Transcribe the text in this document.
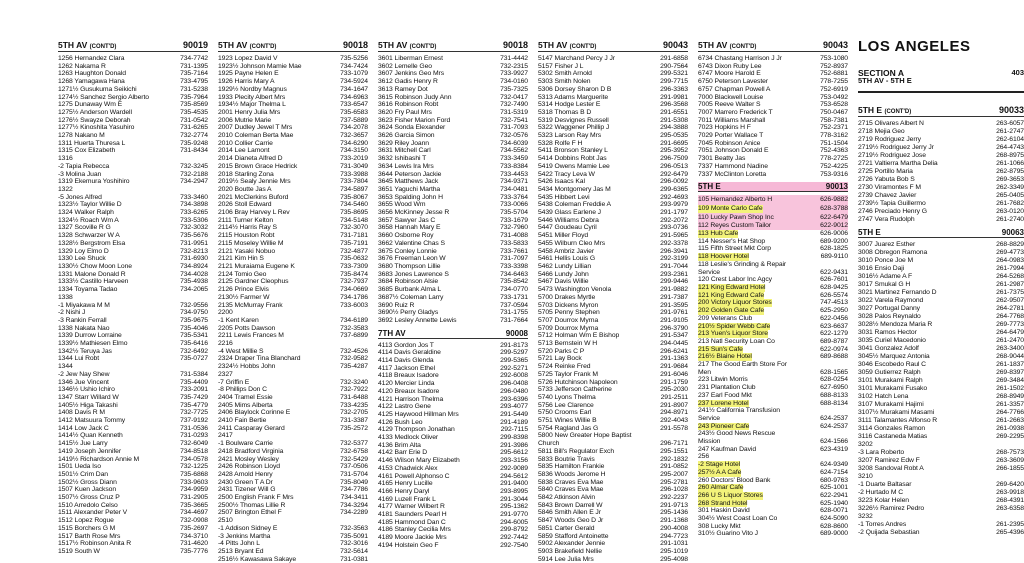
5TH AV (CONT'D)	90019
1256 Hernandez Clara	734-7742
1262 Nakama R	731-1395
1263 Haughton Donald	735-7164
1268 Yamagawa Hana	733-4795
1271½ Gusukuma Seikichi	731-5238
1274½ Sanchez Sergio Alberto	735-7964
1275 Dunaway Wm E	735-8569
1275½ Anderson Wardell	735-4535
1276½ Swayze Deborah	731-0542
1277½ Kinoshita Yasuhiro	731-6265
1278 Nakano M	732-2774
1311 Huerta Thuresa L	735-9248
1315 Cox Elizabeth	731-8434
1316
-2 Tapia Rebecca	732-3245
-3 Molina Juan	732-2188
1319 Ekemura Yoshihiro	734-2947
1322
-5 Jones Alfred	733-3460
1323½ Taylor Willie D	734-3898
1324 Walker Ralph	733-6265
1324½ Roach Wm A	733-5306
1327 Scoville R G	732-3032
1328 Schwarzer W A	735-5676
1328½ Bergstrom Elsa	731-9951
1329 Loy Elmo D	732-8213
1330 Lee Shuck	731-6930
1330½ Chow Moon Lone	734-8924
1331 Malone Donald R	734-4028
1333½ Castillo Harveen	735-4938
1334 Toyama Tadao	734-2065
1338
-1 Miyakawa M M	732-9556
-2 Nishi J	734-9750
-3 Rankin Ferrall	735-9675
1338 Nakata Nao	735-4046
1339 Durrow Lorraine	735-5341
1339½ Mathiesen Elmo	735-6416
1342½ Teruya Jas	732-6492
1344 Lui Robt	735-0727
1344
-2 Jew Nay Shew	731-5384
1346 Jue Vincent	735-4409
1346½ Ushio Ichiro	733-2091
1347 Starr Willard W	735-7429
1405½ Higa Takashi	735-4779
1408 Davis R M	732-7725
1412 Matsuura Tommy	737-9192
1414 Low Jack C	731-0536
1414½ Quan Kenneth	731-0293
1415½ Jue Larry	732-6049
1419 Joseph Jennifer	734-8518
1419½ Richardson Annie M	734-0578
1501 Ueda Iso	732-1225
1501½ Crim Dan	735-6868
1502½ Gross Diann	733-9603
1507 Kuen Jackson	734-9959
1507½ Gross Cruz P	731-2905
1510 Arredolo Celso	735-3665
1511 Alexander Peter V	734-4697
1512 Lopez Rogue	732-0908
1515 Borchers G M	735-2697
1517 Barth Rose Mrs	734-3710
1517½ Robinson Anita R	731-4620
1519 South W	735-7776
5TH AV (CONT'D)	90018
1923 Lopez David V	735-5256
1923½ Johnson Mamie Mae	734-7424
1925 Payne Helen E	733-1079
1926 Harris Mary A	734-5924
1929½ Nordby Magnus	734-1647
1933 Plecity Albert Mrs	734-6963
1934½ Major Thelma L	733-6547
2001 Henry Julia Mrs	735-6583
2006 Mutrie Marie	737-5889
2007 Dudley Jewel T Mrs	734-2078
2010 Coleman Berta Mae	732-3657
2010 Collier Carrie	734-6290
2014 Lee Lamont	734-3150
2014 Dianeta Alfred D	733-2019
2015 Brown Grace Hedrick	731-3049
2018 Starling Zona	733-3988
2019½ Sealy Jennie Mrs	733-7804
2020 Boutte Jas A	734-5897
2021 McClerkins Buford	735-8067
2026 Stoll Edward	734-5460
2106 Bray Harvey L Rev	735-8695
2111 Turner Kelton	734-5148
2114½ Harris Ray S	732-3070
2115 Houston Robt	731-7181
2115 Moseley Willie M	735-7191
2121 Yasaki Nobuo	732-4877
2121 Kim Hin S	735-0632
2121 Muraiama Eugene K	733-7309
2124 Tomio Geo	735-8474
2125 Gardner Cleophus	732-7937
2126 Prince Elvis	734-0669
2130½ Farmer W	734-1786
2135 McMurray Frank	733-6003
2200
-1 Kent Karen	734-6189
2205 Potts Dawson	732-3583
2211 Lewis Frances M	737-6899
2216
-4 West Millie S	732-4526
2324 Draper Tina Blanchard	732-9582
2324½ Hobbs John	735-4287
2327
-7 Griffin E	732-3240
-8 Phillips Don C	732-7922
2404 Tramel Essie	731-6488
2405 Mims Alberta	733-4235
2406 Blaylock Corinne E	732-2705
2410 Fain Bertie	731-3387
2411 Casparay Gerard	735-2572
2417
-1 Boulware Carrie	732-5377
2418 Bradford Virginia	732-6758
2421 Mosley Wesley	732-5429
2426 Robinson Lloyd	737-0506
2428 Arnold Henry	731-5704
2430 Green T A Dr	735-8049
2431 Tizener Will G	734-7786
2500 English Frank F Mrs	734-3411
2500½ Thomas Lillie R	734-3294
2507 Brington Ethel F	734-2289
2510
-1 Addison Sidney E	732-3563
-3 Jenkins Martha	735-5091
-4 Pitts John L	732-3016
2513 Bryant Ed	732-5614
2516½ Kawasawa Sakaye	731-0381
5TH AV (CONT'D)	90018
3601 Liberman Ernest	731-4442
3602 Lemelle Geo	732-2315
3607 Jenkins Geo Mrs	733-9927
3612 Gadis Henry R	734-0160
3613 Ramey Dot	735-7325
3615 Robinson Judy Ann	732-0417
3616 Robinson Robt	732-7490
3620 Fry Paul Mrs	731-5319
3623 Fisher Marion Ford	732-7541
3624 Sonda Elexander	731-7093
3626 Garcia Simon	732-0576
3629 Riley Joann	734-6039
3631 Mitchell Carl	734-5562
3632 Ishibashi T	733-3459
3634 Lewis Ira Mrs	733-8384
3644 Peterson Jackie	733-4453
3645 Matthews Jack	734-9371
3651 Yaguchi Martha	734-0481
3653 Spalding John H	733-3764
3655 Wood Wm	733-0066
3656 McKinney Jesse R	735-5704
3657 Sawyer Jas C	733-1679
3658 Hannah Mary E	732-7960
3660 Osborne Roy	731-4088
3662 Valentine Chas S	733-5833
3675 Conley Lonnie	733-7661
3676 Freeman Leon W	731-7097
3680 Thompson Lillie	733-3398
3683 Jones Lawrence S	734-6463
3684 Robinson Alsie	735-8542
3685 Burbank Alma L	734-0770
3687½ Coleman Larry	733-1731
3690 Ruiz R	737-0594
3690½ Perry Gladys	731-1755
3692 Lesley Annette Lewis	731-7664
7TH AV	90008
4113 Gordon Jos T	291-8173
4114 Davis Geraldine	299-5297
4114 Davis Glenda	299-5365
4117 Jackson Ethel	292-5271
4118 Breaux Isadore	292-6008
4120 Mercier Linda	296-0408
4120 Breaux Isadore	296-0480
4121 Harrison Thelma	293-6396
4122 Lastro Gene	293-4077
4125 Haywood Hillman Mrs	291-5449
4126 Bush Leo	291-4189
4129 Thompson Jonathan	292-7115
4133 Medlock Oliver	299-8398
4136 Brim Alta	291-3986
4142 Barr Erie D	295-6612
4146 Wilson Mary Elizabeth	293-3156
4153 Chadwick Alex	292-9089
4161 Powell Alphonso C	294-5612
4165 Henry Lucille	291-9400
4166 Henry Daryl	293-8995
4169 Luzell Frank L	291-3044
4177 Warner Wilbert R	295-1362
4181 Saunders Pearl H	291-9770
4185 Hammond Dan C	294-6005
4186 Stanley Cecilia Mrs	299-8792
4189 Moore Jackie Mrs	292-7442
4194 Holstein Geo F	292-7540
5TH AV (CONT'D)	90043
5147 Marchand Percy J Jr	291-6858
5157 Fisher J L	290-7564
5302 Smith Arnold	299-5321
5303 Smith Nolen	299-7715
5306 Dorsey Sharon D B	296-3363
5313 Adams Marguerite	291-9981
5314 Hodge Lester E	296-3568
5318 Thomas B D	291-6551
5319 Desvignes Russell	291-5308
5322 Waggener Phillip J	294-3888
5323 Larson Ray Mrs	295-0535
5328 Rolfe F H	291-6695
5411 Bronson Stanley L	295-3952
5414 Dobbins Robt Jas	296-7509
5419 Owens Mamie Lee	296-0513
5422 Tracy Leva W	292-6479
5426 Isaacs Kal	296-0092
5434 Montgomery Jas M	299-6365
5435 Hibbert Levi	292-4693
5438 Coleman Freddie A	293-9979
5439 Glass Earlene J	291-1797
5446 Williams Debra	292-2072
5447 Goudeau Cyril	293-0736
5451 Miller Floyd	291-5965
5455 Wilburn Cleo Mrs	292-3378
5458 Ambriz Javier	296-3941
5461 Hellis Louis G	292-3199
5462 Lundy Lillian	291-7044
5466 Lundy John	293-2361
5467 Davis Willie	299-9446
5473 Washington Venola	291-9882
5700 Drakes Myrtle	291-7387
5703 Dickens Myron	291-3595
5705 Penny Stephen	291-9761
5707 Dourrox Myrna	291-9105
5709 Dourrox Myrna	296-3790
5712 Holman Wm E Bishop	291-5347
5713 Bernstein W H	294-0445
5720 Parks C P	296-6241
5721 Lay Bock	291-1363
5724 Reinke Fred	291-9684
5725 Taylor Frank M	291-6046
5726 Hutchinson Napoleon	291-1759
5733 Jefferson Catherine	295-2030
5740 Lyons Thelma	291-2511
5756 Lee Clarence	291-8907
5750 Crooms Earl	294-8971
5751 Wines Willie B	292-4043
5754 Ragland Jas G	291-5578
5800 New Greater Hope Baptist
Church	296-7171
5811 Bill's Regulator Exch	295-1551
5833 Boutrie Travis	292-1832
5835 Hamilton Frankie	291-0852
5836 Woods Jerome H	295-2007
5838 Craves Eva Mae	295-2781
5840 Craves Eva Mae	296-1028
5842 Atkinson Alvin	292-2237
5843 Brown Darrell W	291-9713
5846 Smith Allen E Jr	295-1436
5847 Woods Geo D Jr	291-1368
5851 Carter Gerald	290-4008
5859 Stafford Antoinette	294-7723
5902 Alexander Jennie	291-1031
5903 Brakefield Nellie	295-1019
5914 Lee Julia Mrs	295-4098
5TH AV (CONT'D)	90043
6734 Chastang Harrison J Jr	753-1080
6743 Dixon Ruby Lee	752-8937
6747 Moore Harold E	752-6881
6750 Peterson Lavester	778-7255
6757 Chapman Powell A	752-6919
7000 Blackwell Louise	753-0492
7005 Reeve Walter S	753-6528
7007 Marrero Frederick T	750-0467
7011 Williams Marshall	758-7381
7023 Hopkins H F	752-2371
7029 Porter Wallace T	778-3162
7045 Robinson Anice	751-1504
7051 Johnson Donald E	752-4363
7301 Beatty Jas	778-2725
7337 Hammond Nadine	752-4225
7337 McClinton Loretta	753-9316
5TH E	90013
105 Hernandez Alberto H	626-9882
109 Monte Carlo Cafe	628-3788
110 Lucky Pawn Shop Inc	622-6479
112 Reyes Custom Tailor	622-9012
113 Hub Cafe	626-9006
114 Nesser's Hat Shop	689-9200
115 Fifth Street Mkt Corp	628-1825
118 Hoover Hotel	689-9110
118 Leslie's Grinding & Repair
Service	622-9431
120 Crest Labor Inc Agcy	626-7601
121 King Edward Hotel	628-9425
121 King Edward Cafe	626-5574
200 Victory Liquor Stores	747-4513
202 Golden Gate Cafe	625-2950
209 Veterans Club	622-0456
210½ Spider Webb Cafe	623-6637
213 Yuen's Liquor Store	622-1279
213 Natl Security Loan Co	689-8787
215 Sun's Cafe	622-0974
216½ Blaine Hotel	689-8688
217 The Good Earth Store For
Men	628-1565
223 Litwin Morris	628-0254
231 Plantation Club	627-6950
237 Earl Food Mkt	688-8133
237 Lorene Hotel	688-8134
241½ California Transfusion
Service	624-2537
243 Pioneer Cafe	624-2537
243½ Good News Rescue
Mission	624-1566
247 Kaufman David	623-4319
256
-2 Stage Hotel	624-9349
257½ A A Cafe	624-7154
260 Doctors' Blood Bank	680-9763
260 Almar Cafe	625-1001
266 U S Liquor Stores	622-2941
268 Strand Hotel	625-1940
301 Haskin David	628-0071
304½ West Coast Loan Co	624-5090
308 Lucky Mkt	628-8600
310½ Guarino Vito J	689-9000
LOS ANGELES
SECTION A	403
5TH AV - 5TH E
5TH E (CONT'D)	90033
2715 Olivares Albert N	263-6057
2718 Mejia Geo	261-2747
2719 Rodriguez Jerry	262-6104
2719½ Rodriguez Jerry Jr	264-4743
2719½ Rodriguez Jose	268-8975
2721 Valtierra Martha Delia	261-1066
2725 Portillo Maria	262-8795
2726 Yabuta Bob S	269-3653
2730 Viramontes F M	262-3349
2739 Chavez Javier	265-0405
2739½ Tapia Guillermo	261-7682
2746 Preciado Henry G	263-0120
2747 Vera Rudolph	261-2740
5TH E	90063
3007 Juarez Esther	268-8829
3008 Obregon Ramona	269-4773
3010 Ponce Joe M	264-0983
3016 Ensio Daji	261-7994
3016½ Adame A F	264-5268
3017 Smukal G H	261-2987
3021 Martinez Fernando D	261-7375
3022 Varela Raymond	262-9507
3027 Portugal Danny	264-2781
3028 Palos Reynaldo	264-7768
3028½ Mendoza Maria R	269-7773
3031 Ramos Hector	264-6479
3035 Curiel Macedonio	261-2470
3041 Gonzalez Adolf	263-3400
3045½ Marquez Antonia	268-9044
3046 Escobedo Raul C	261-1837
3059 Gutierrez Ralph	269-8397
3101 Murakami Ralph	269-3484
3101 Murakami Fusako	261-1502
3102 Hatch Lena	268-8949
3107 Murakami Hajimi	261-3357
3107½ Murakami Masami	264-7766
3111 Talamantes Alfonso R	261-2663
3114 Gonzales Ramon	261-0938
3116 Castaneda Matias	269-2295
3202
-3 Lara Roberto	268-7573
3207 Ramirez Edw F	263-3609
3208 Sandoval Robt A	266-1855
3210
-1 Duarte Baltasar	269-6420
-2 Hurtado M C	263-9918
3223 Kolar Helen	268-4391
3226½ Ramirez Pedro	263-6358
3232
-1 Torres Andres	261-2395
-2 Quijada Sebastian	265-4396
